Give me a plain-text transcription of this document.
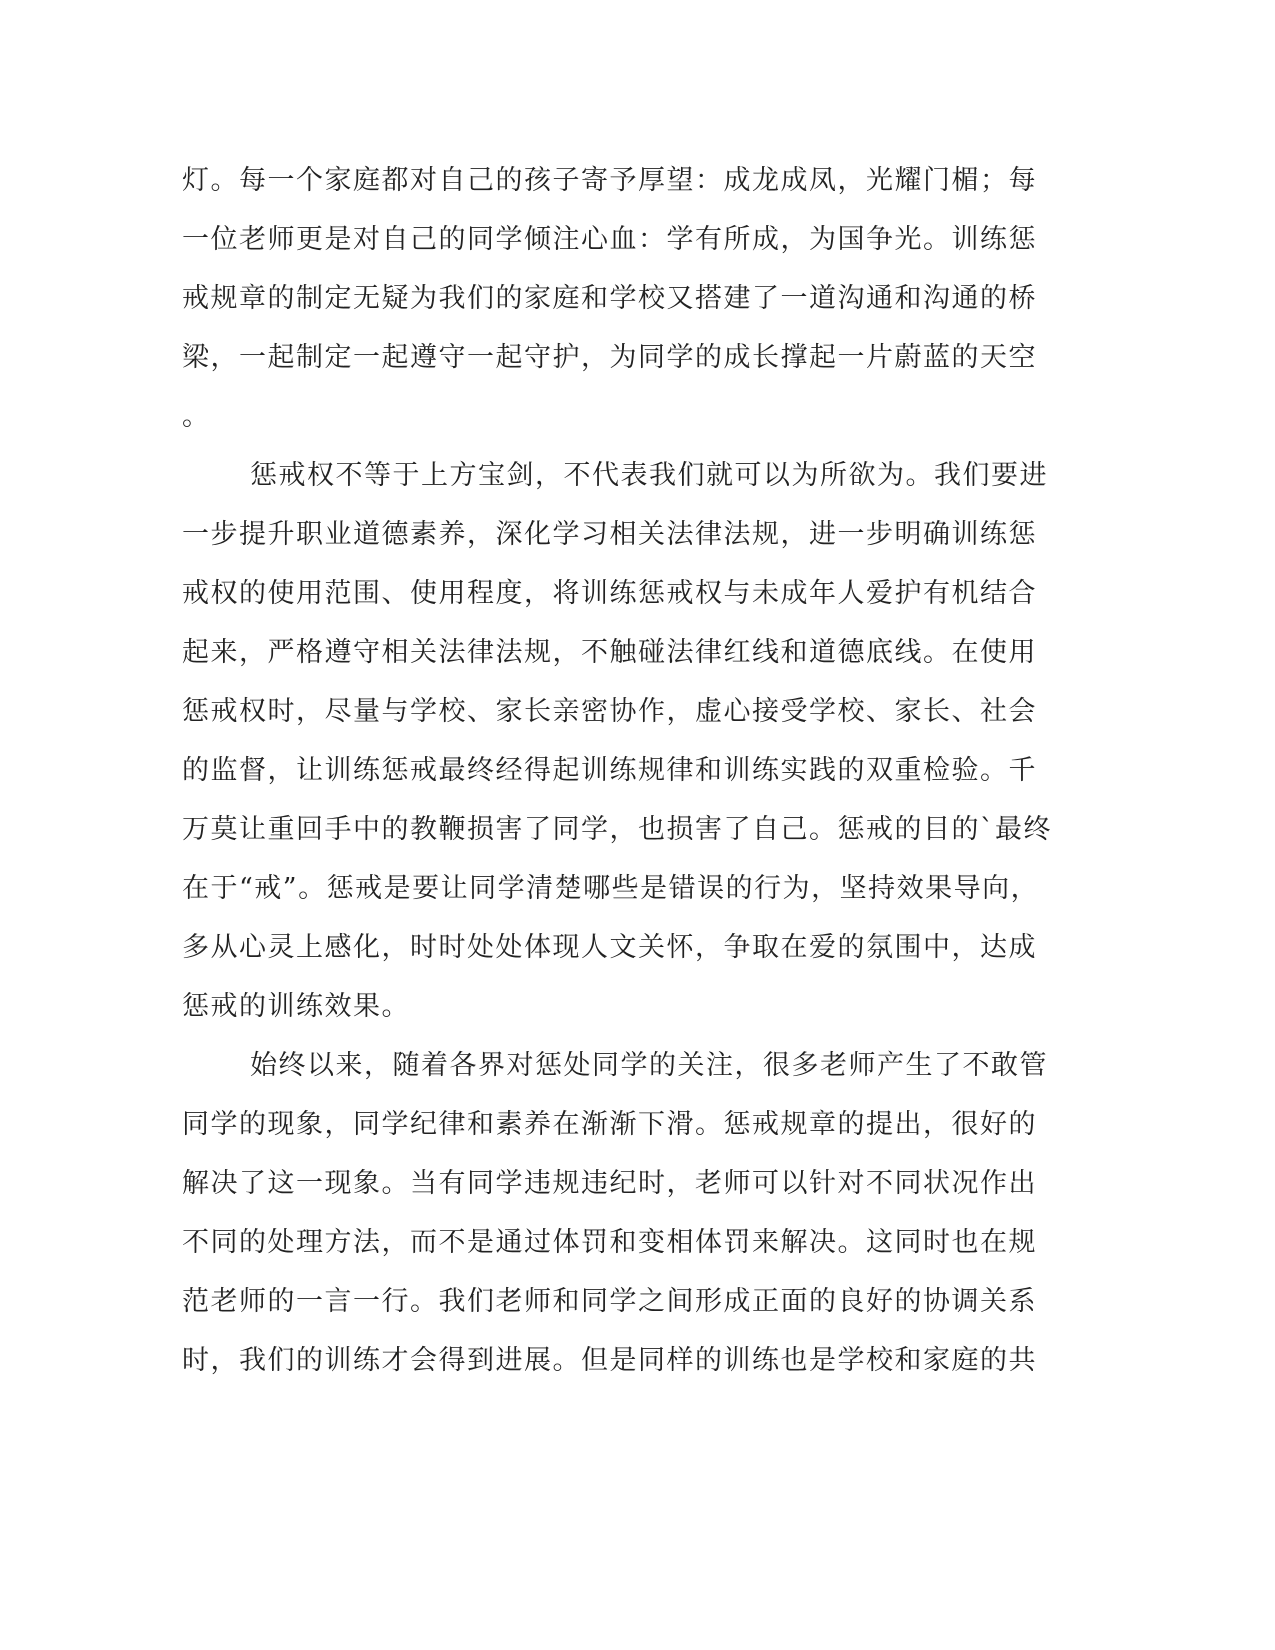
灯。每一个家庭都对自己的孩子寄予厚望：成龙成凤，光耀门楣；每
一位老师更是对自己的同学倾注心血：学有所成，为国争光。训练惩
戒规章的制定无疑为我们的家庭和学校又搭建了一道沟通和沟通的桥
梁，一起制定一起遵守一起守护，为同学的成长撑起一片蔚蓝的天空
。
惩戒权不等于上方宝剑，不代表我们就可以为所欲为。我们要进
一步提升职业道德素养，深化学习相关法律法规，进一步明确训练惩
戒权的使用范围、使用程度，将训练惩戒权与未成年人爱护有机结合
起来，严格遵守相关法律法规，不触碰法律红线和道德底线。在使用
惩戒权时，尽量与学校、家长亲密协作，虚心接受学校、家长、社会
的监督，让训练惩戒最终经得起训练规律和训练实践的双重检验。千
万莫让重回手中的教鞭损害了同学，也损害了自己。惩戒的目的`最终
在于“戒”。惩戒是要让同学清楚哪些是错误的行为，坚持效果导向，
多从心灵上感化，时时处处体现人文关怀，争取在爱的氛围中，达成
惩戒的训练效果。
始终以来，随着各界对惩处同学的关注，很多老师产生了不敢管
同学的现象，同学纪律和素养在渐渐下滑。惩戒规章的提出，很好的
解决了这一现象。当有同学违规违纪时，老师可以针对不同状况作出
不同的处理方法，而不是通过体罚和变相体罚来解决。这同时也在规
范老师的一言一行。我们老师和同学之间形成正面的良好的协调关系
时，我们的训练才会得到进展。但是同样的训练也是学校和家庭的共
